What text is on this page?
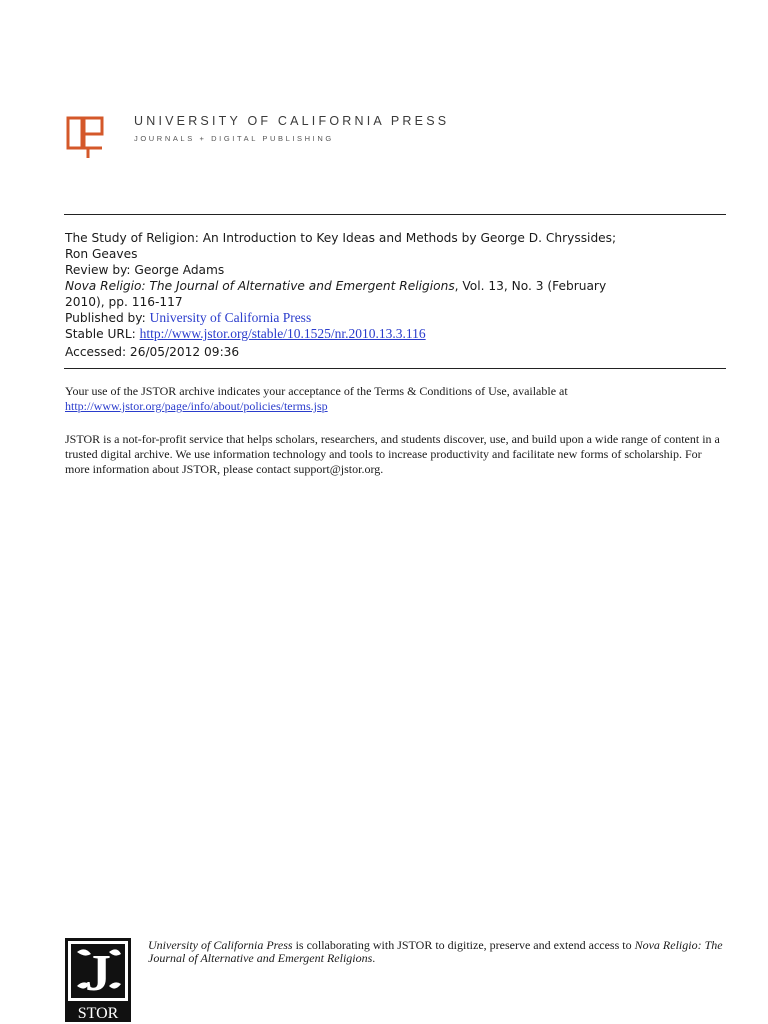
UNIVERSITY OF CALIFORNIA PRESS
JOURNALS + DIGITAL PUBLISHING
The Study of Religion: An Introduction to Key Ideas and Methods by George D. Chryssides;
Ron Geaves
Review by: George Adams
Nova Religio: The Journal of Alternative and Emergent Religions, Vol. 13, No. 3 (February
2010), pp. 116-117
Published by: University of California Press
Stable URL: http://www.jstor.org/stable/10.1525/nr.2010.13.3.116
Accessed: 26/05/2012 09:36
Your use of the JSTOR archive indicates your acceptance of the Terms & Conditions of Use, available at
http://www.jstor.org/page/info/about/policies/terms.jsp
JSTOR is a not-for-profit service that helps scholars, researchers, and students discover, use, and build upon a wide range of content in a trusted digital archive. We use information technology and tools to increase productivity and facilitate new forms of scholarship. For more information about JSTOR, please contact support@jstor.org.
J
STOR
University of California Press is collaborating with JSTOR to digitize, preserve and extend access to Nova Religio: The Journal of Alternative and Emergent Religions.
